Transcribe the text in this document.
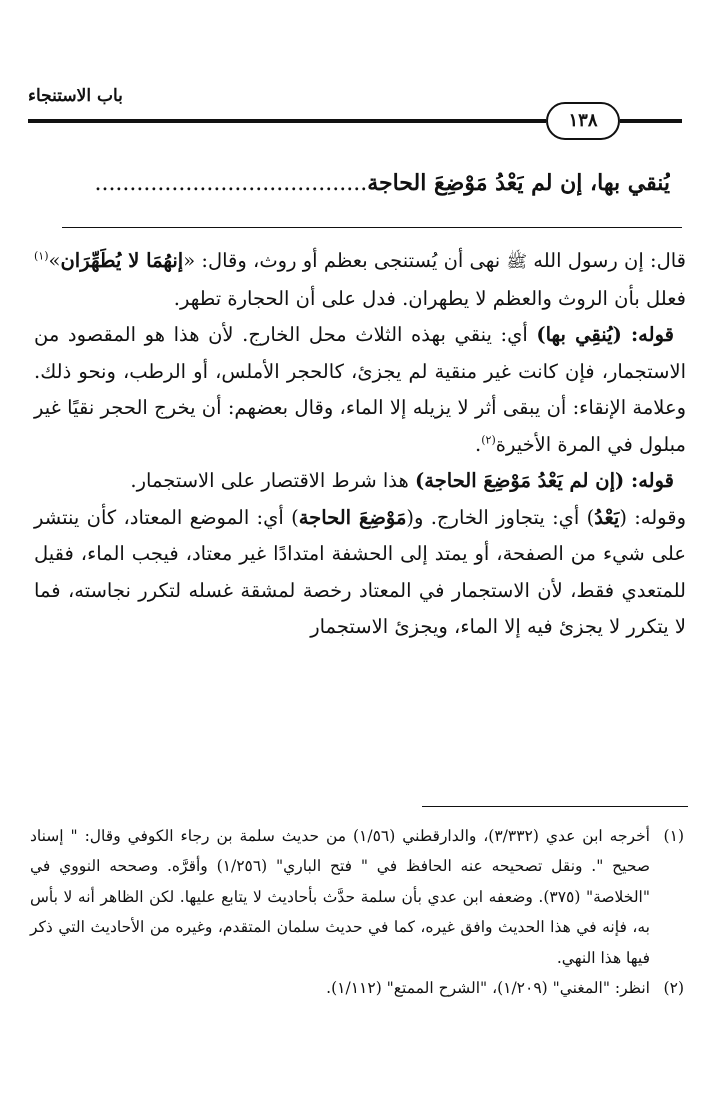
باب الاستنجاء
١٣٨
يُنقي بها، إن لم يَعْدُ مَوْضِعَ الحاجة.......................................

قال: إن رسول الله ﷺ نهى أن يُستنجى بعظم أو روث، وقال: «إنهُمَا لا يُطَهِّرَان»$^{(١)}$ فعلل بأن الروث والعظم لا يطهران. فدل على أن الحجارة تطهر.

قوله: (يُنقِي بها) أي: ينقي بهذه الثلاث محل الخارج. لأن هذا هو المقصود من الاستجمار، فإن كانت غير منقية لم يجزئ، كالحجر الأملس، أو الرطب، ونحو ذلك. وعلامة الإنقاء: أن يبقى أثر لا يزيله إلا الماء، وقال بعضهم: أن يخرج الحجر نقيًا غير مبلول في المرة الأخيرة$^{(٢)}$.

قوله: (إن لم يَعْدُ مَوْضِعَ الحاجة) هذا شرط الاقتصار على الاستجمار.

وقوله: (يَعْدُ) أي: يتجاوز الخارج. و(مَوْضِعَ الحاجة) أي: الموضع المعتاد، كأن ينتشر على شيء من الصفحة، أو يمتد إلى الحشفة امتدادًا غير معتاد، فيجب الماء، فقيل للمتعدي فقط، لأن الاستجمار في المعتاد رخصة لمشقة غسله لتكرر نجاسته، فما لا يتكرر لا يجزئ فيه إلا الماء، ويجزئ الاستجمار

(١)
أخرجه ابن عدي (٣/٣٣٢)، والدارقطني (١/٥٦) من حديث سلمة بن رجاء الكوفي وقال: " إسناد صحيح ". ونقل تصحيحه عنه الحافظ في " فتح الباري" (١/٢٥٦) وأقرَّه. وصححه النووي في "الخلاصة" (٣٧٥). وضعفه ابن عدي بأن سلمة حدَّث بأحاديث لا يتابع عليها. لكن الظاهر أنه لا بأس به، فإنه في هذا الحديث وافق غيره، كما في حديث سلمان المتقدم، وغيره من الأحاديث التي ذكر فيها هذا النهي.
(٢)
انظر: "المغني" (١/٢٠٩)، "الشرح الممتع" (١/١١٢).
